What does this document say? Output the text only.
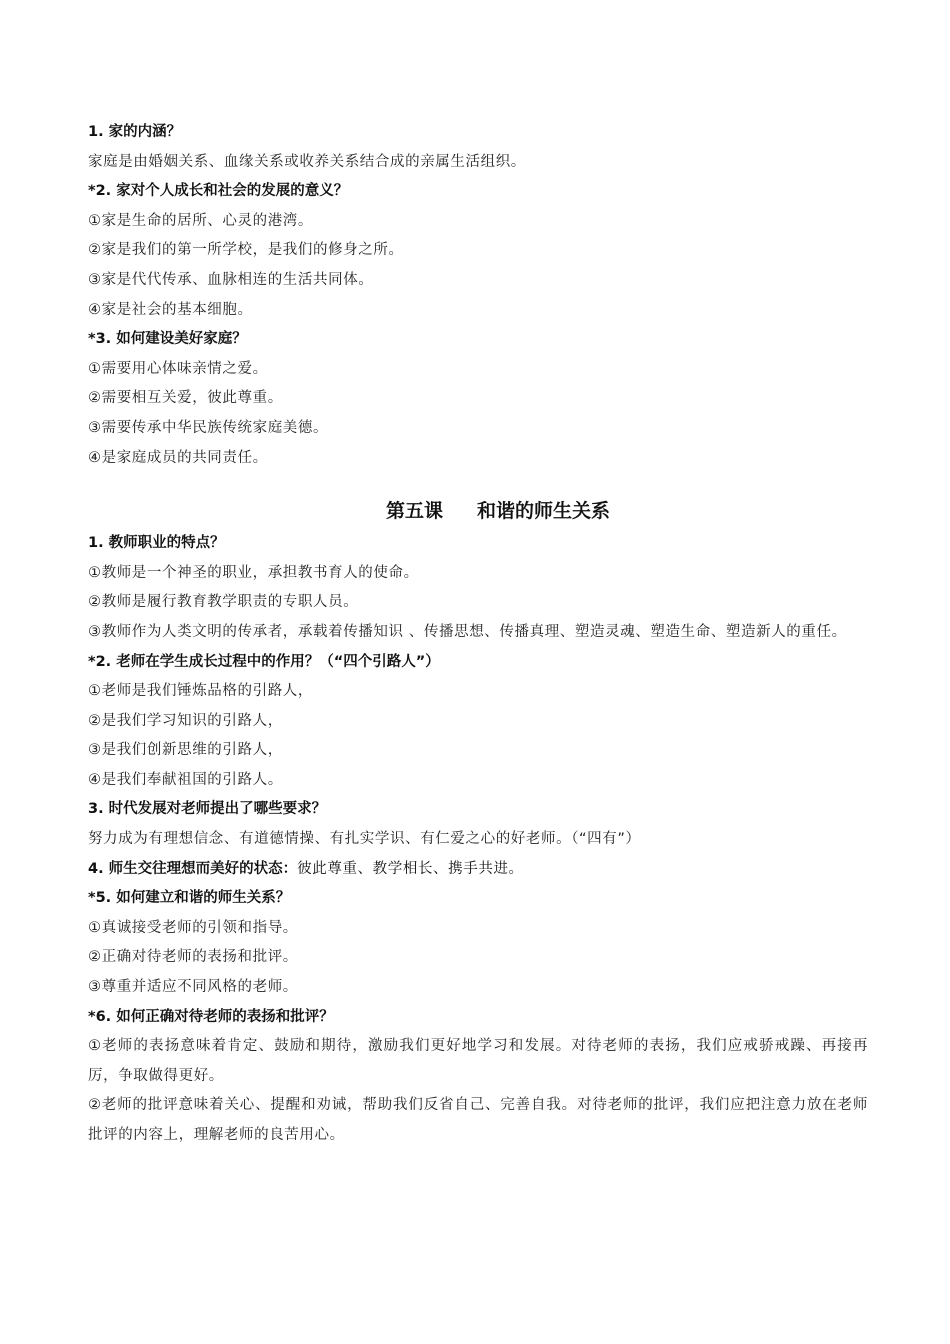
1. 家的内涵？
家庭是由婚姻关系、血缘关系或收养关系结合成的亲属生活组织。
*2. 家对个人成长和社会的发展的意义？
①家是生命的居所、心灵的港湾。
②家是我们的第一所学校，是我们的修身之所。
③家是代代传承、血脉相连的生活共同体。
④家是社会的基本细胞。
*3. 如何建设美好家庭？
①需要用心体味亲情之爱。
②需要相互关爱，彼此尊重。
③需要传承中华民族传统家庭美德。
④是家庭成员的共同责任。
第五课 和谐的师生关系
1. 教师职业的特点？
①教师是一个神圣的职业，承担教书育人的使命。
②教师是履行教育教学职责的专职人员。
③教师作为人类文明的传承者，承载着传播知识 、传播思想、传播真理、塑造灵魂、塑造生命、塑造新人的重任。
*2. 老师在学生成长过程中的作用？（“四个引路人”）
①老师是我们锤炼品格的引路人，
②是我们学习知识的引路人，
③是我们创新思维的引路人，
④是我们奉献祖国的引路人。
3. 时代发展对老师提出了哪些要求？
努力成为有理想信念、有道德情操、有扎实学识、有仁爱之心的好老师。（“四有”）
4. 师生交往理想而美好的状态：彼此尊重、教学相长、携手共进。
*5. 如何建立和谐的师生关系？
①真诚接受老师的引领和指导。
②正确对待老师的表扬和批评。
③尊重并适应不同风格的老师。
*6. 如何正确对待老师的表扬和批评？
①老师的表扬意味着肯定、鼓励和期待，激励我们更好地学习和发展。对待老师的表扬，我们应戒骄戒躁、再接再厉，争取做得更好。
②老师的批评意味着关心、提醒和劝诫，帮助我们反省自己、完善自我。对待老师的批评，我们应把注意力放在老师批评的内容上，理解老师的良苦用心。
